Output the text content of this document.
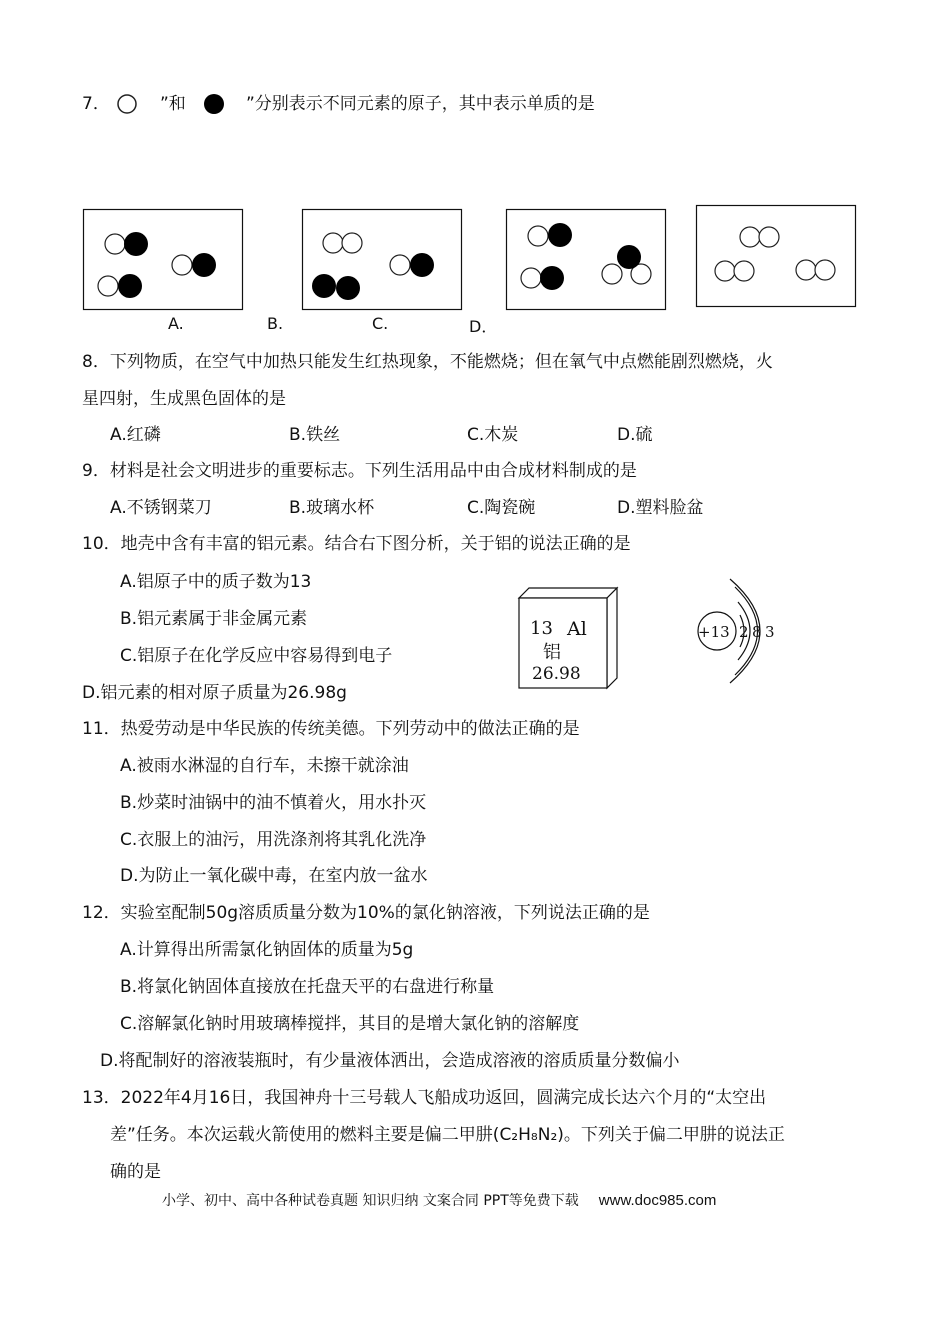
7．	”和	”分别表示不同元素的原子，其中表示单质的是
A.	B.	C.	D．
8．下列物质，在空气中加热只能发生红热现象，不能燃烧；但在氧气中点燃能剧烈燃烧，火
星四射，生成黑色固体的是
A.红磷	B.铁丝	C.木炭	D.硫
9．材料是社会文明进步的重要标志。下列生活用品中由合成材料制成的是
A.不锈钢菜刀	B.玻璃水杯	C.陶瓷碗	D.塑料脸盆
10．地壳中含有丰富的铝元素。结合右下图分析，关于铝的说法正确的是
A.铝原子中的质子数为13
B.铝元素属于非金属元素
C.铝原子在化学反应中容易得到电子
D.铝元素的相对原子质量为26.98g
13 Al
铝
26.98
+13 2 8 3
11．热爱劳动是中华民族的传统美德。下列劳动中的做法正确的是
A.被雨水淋湿的自行车，未擦干就涂油
B.炒菜时油锅中的油不慎着火，用水扑灭
C.衣服上的油污，用洗涤剂将其乳化洗净
D.为防止一氧化碳中毒，在室内放一盆水
12．实验室配制50g溶质质量分数为10%的氯化钠溶液，下列说法正确的是
A.计算得出所需氯化钠固体的质量为5g
B.将氯化钠固体直接放在托盘天平的右盘进行称量
C.溶解氯化钠时用玻璃棒搅拌，其目的是增大氯化钠的溶解度
D.将配制好的溶液装瓶时，有少量液体洒出，会造成溶液的溶质质量分数偏小
13．2022年4月16日，我国神舟十三号载人飞船成功返回，圆满完成长达六个月的“太空出
差”任务。本次运载火箭使用的燃料主要是偏二甲肼(C₂H₈N₂)。下列关于偏二甲肼的说法正
确的是
小学、初中、高中各种试卷真题 知识归纳 文案合同 PPT等免费下载 www.doc985.com
